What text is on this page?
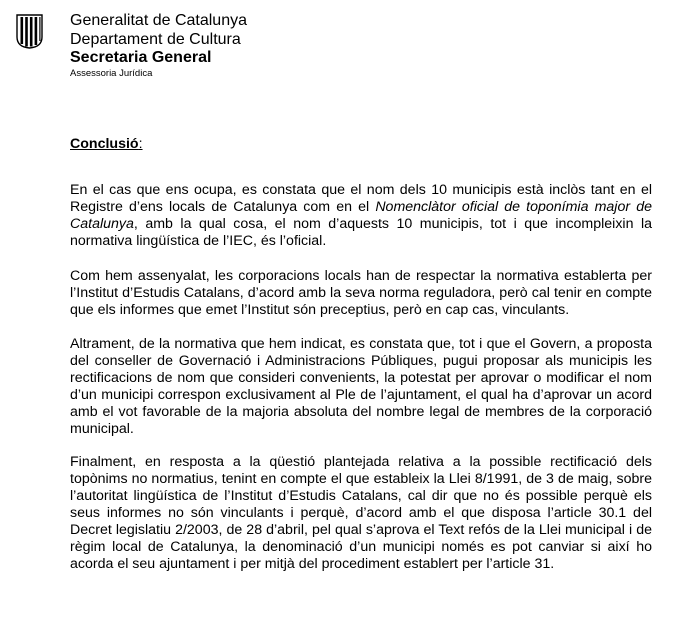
Generalitat de Catalunya
Departament de Cultura
Secretaria General
Assessoria Jurídica
Conclusió:

En el cas que ens ocupa, es constata que el nom dels 10 municipis està inclòs tant en el Registre d’ens locals de Catalunya com en el Nomenclàtor oficial de toponímia major de Catalunya, amb la qual cosa, el nom d’aquests 10 municipis, tot i que incompleixin la normativa lingüística de l’IEC, és l’oficial.

Com hem assenyalat, les corporacions locals han de respectar la normativa establerta per l’Institut d’Estudis Catalans, d’acord amb la seva norma reguladora, però cal tenir en compte que els informes que emet l’Institut són preceptius, però en cap cas, vinculants.

Altrament, de la normativa que hem indicat, es constata que, tot i que el Govern, a proposta del conseller de Governació i Administracions Públiques, pugui proposar als municipis les rectificacions de nom que consideri convenients, la potestat per aprovar o modificar el nom d’un municipi correspon exclusivament al Ple de l’ajuntament, el qual ha d’aprovar un acord amb el vot favorable de la majoria absoluta del nombre legal de membres de la corporació municipal.

Finalment, en resposta a la qüestió plantejada relativa a la possible rectificació dels topònims no normatius, tenint en compte el que estableix la Llei 8/1991, de 3 de maig, sobre l’autoritat lingüística de l’Institut d’Estudis Catalans, cal dir que no és possible perquè els seus informes no són vinculants i perquè, d’acord amb el que disposa l’article 30.1 del Decret legislatiu 2/2003, de 28 d’abril, pel qual s’aprova el Text refós de la Llei municipal i de règim local de Catalunya, la denominació d’un municipi només es pot canviar si així ho acorda el seu ajuntament i per mitjà del procediment establert per l’article 31.
